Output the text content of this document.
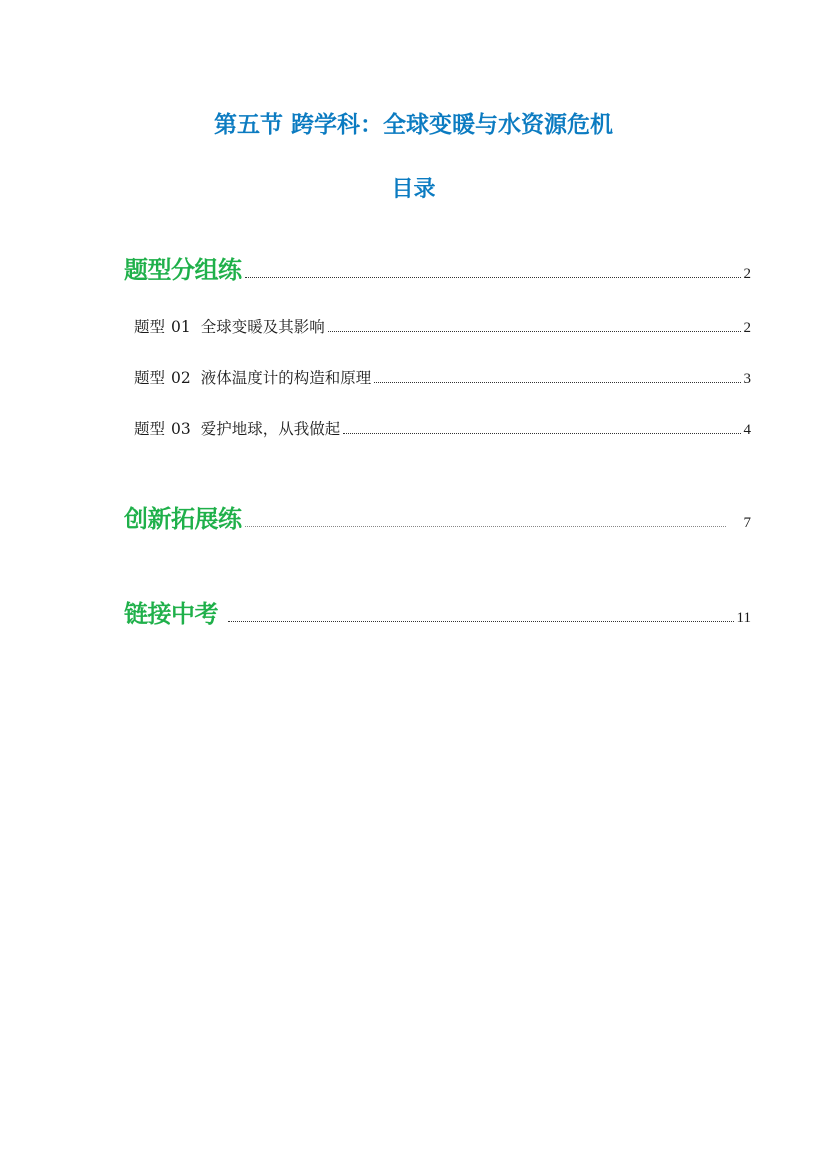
第五节 跨学科：全球变暖与水资源危机
目录
题型分组练	2
题型 01 全球变暖及其影响	2
题型 02 液体温度计的构造和原理	3
题型 03 爱护地球，从我做起	4
创新拓展练	7
链接中考	11
